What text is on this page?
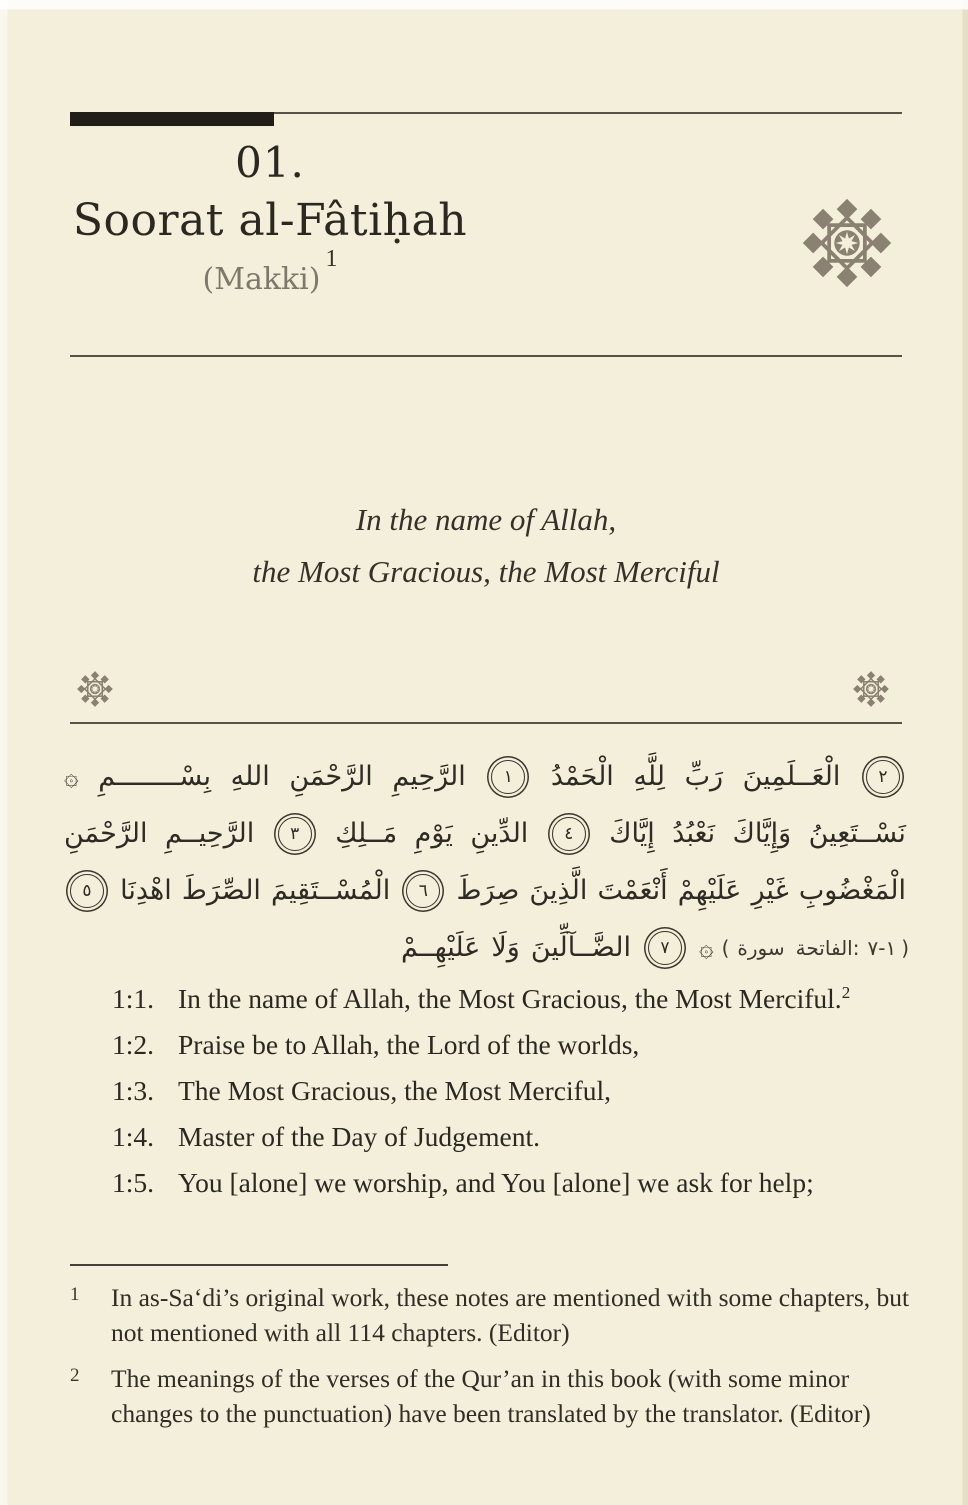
01.
Soorat al-Fâtiḥah
(Makki)$^1$
In the name of Allah,
the Most Gracious, the Most Merciful
۞ بِسْــــــــمِ اللهِ الرَّحْمَنِ الرَّحِيمِ	١	الْحَمْدُ لِلَّهِ رَبِّ الْعَــلَمِينَ	٢
الرَّحْمَنِ الرَّحِيــمِ	٣	مَــلِكِ يَوْمِ الدِّينِ	٤	إِيَّاكَ نَعْبُدُ وَإِيَّاكَ نَسْــتَعِينُ
٥	اهْدِنَا الصِّرَطَ الْمُسْــتَقِيمَ	٦	صِرَطَ الَّذِينَ أَنْعَمْتَ عَلَيْهِمْ غَيْرِ الْمَغْضُوبِ
عَلَيْهِــمْ وَلَا الضَّــآلِّينَ	٧	۞ ( سورة الفاتحة: ١-٧ )
1:1. In the name of Allah, the Most Gracious, the Most Merciful.$^2$
1:2. Praise be to Allah, the Lord of the worlds,
1:3. The Most Gracious, the Most Merciful,
1:4. Master of the Day of Judgement.
1:5. You [alone] we worship, and You [alone] we ask for help;
1	In as-Sa‘di’s original work, these notes are mentioned with some chapters, but not mentioned with all 114 chapters. (Editor)
2	The meanings of the verses of the Qur’an in this book (with some minor changes to the punctuation) have been translated by the translator. (Editor)
